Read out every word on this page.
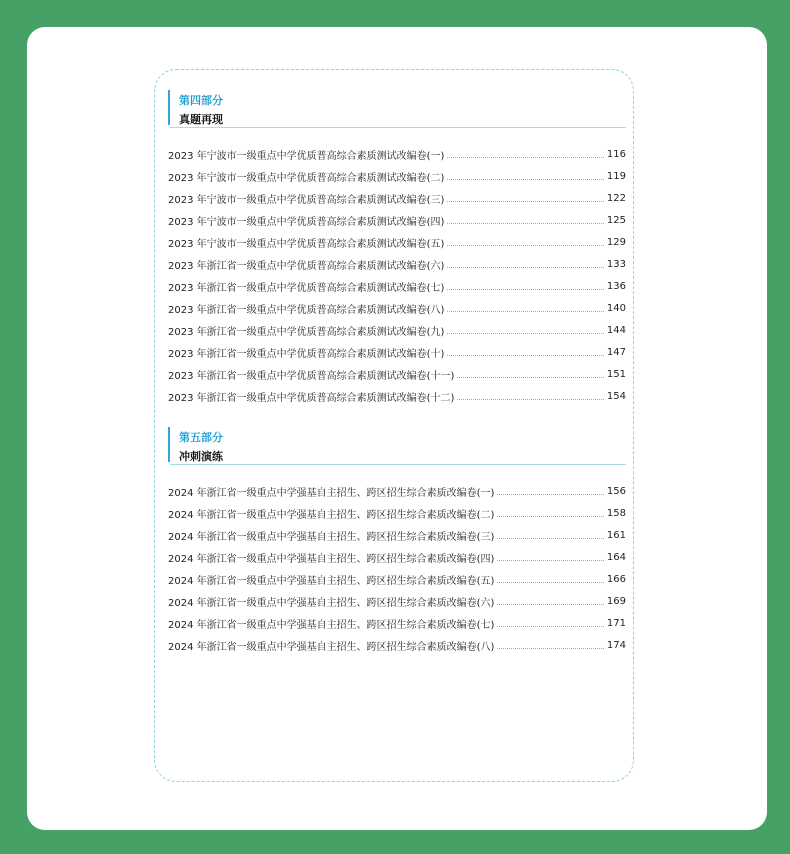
第四部分
真题再现
2023 年宁波市一级重点中学优质普高综合素质测试改编卷(一)	116
2023 年宁波市一级重点中学优质普高综合素质测试改编卷(二)	119
2023 年宁波市一级重点中学优质普高综合素质测试改编卷(三)	122
2023 年宁波市一级重点中学优质普高综合素质测试改编卷(四)	125
2023 年宁波市一级重点中学优质普高综合素质测试改编卷(五)	129
2023 年浙江省一级重点中学优质普高综合素质测试改编卷(六)	133
2023 年浙江省一级重点中学优质普高综合素质测试改编卷(七)	136
2023 年浙江省一级重点中学优质普高综合素质测试改编卷(八)	140
2023 年浙江省一级重点中学优质普高综合素质测试改编卷(九)	144
2023 年浙江省一级重点中学优质普高综合素质测试改编卷(十)	147
2023 年浙江省一级重点中学优质普高综合素质测试改编卷(十一)	151
2023 年浙江省一级重点中学优质普高综合素质测试改编卷(十二)	154
第五部分
冲刺演练
2024 年浙江省一级重点中学强基自主招生、跨区招生综合素质改编卷(一)	156
2024 年浙江省一级重点中学强基自主招生、跨区招生综合素质改编卷(二)	158
2024 年浙江省一级重点中学强基自主招生、跨区招生综合素质改编卷(三)	161
2024 年浙江省一级重点中学强基自主招生、跨区招生综合素质改编卷(四)	164
2024 年浙江省一级重点中学强基自主招生、跨区招生综合素质改编卷(五)	166
2024 年浙江省一级重点中学强基自主招生、跨区招生综合素质改编卷(六)	169
2024 年浙江省一级重点中学强基自主招生、跨区招生综合素质改编卷(七)	171
2024 年浙江省一级重点中学强基自主招生、跨区招生综合素质改编卷(八)	174
